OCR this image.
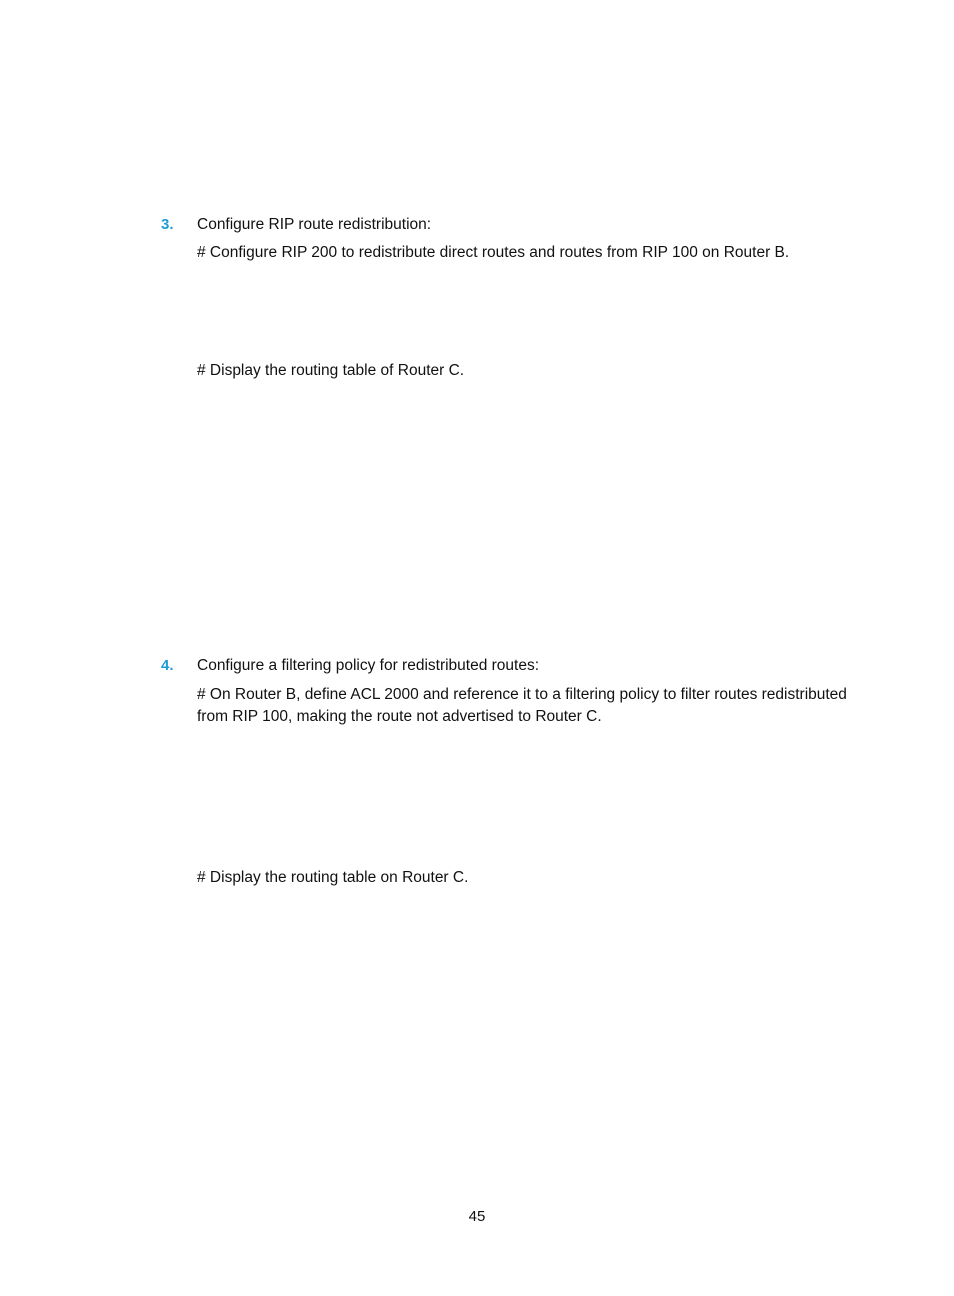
3.	Configure RIP route redistribution:
# Configure RIP 200 to redistribute direct routes and routes from RIP 100 on Router B.
# Display the routing table of Router C.
4.	Configure a filtering policy for redistributed routes:
# On Router B, define ACL 2000 and reference it to a filtering policy to filter routes redistributed from RIP 100, making the route not advertised to Router C.
# Display the routing table on Router C.
45
